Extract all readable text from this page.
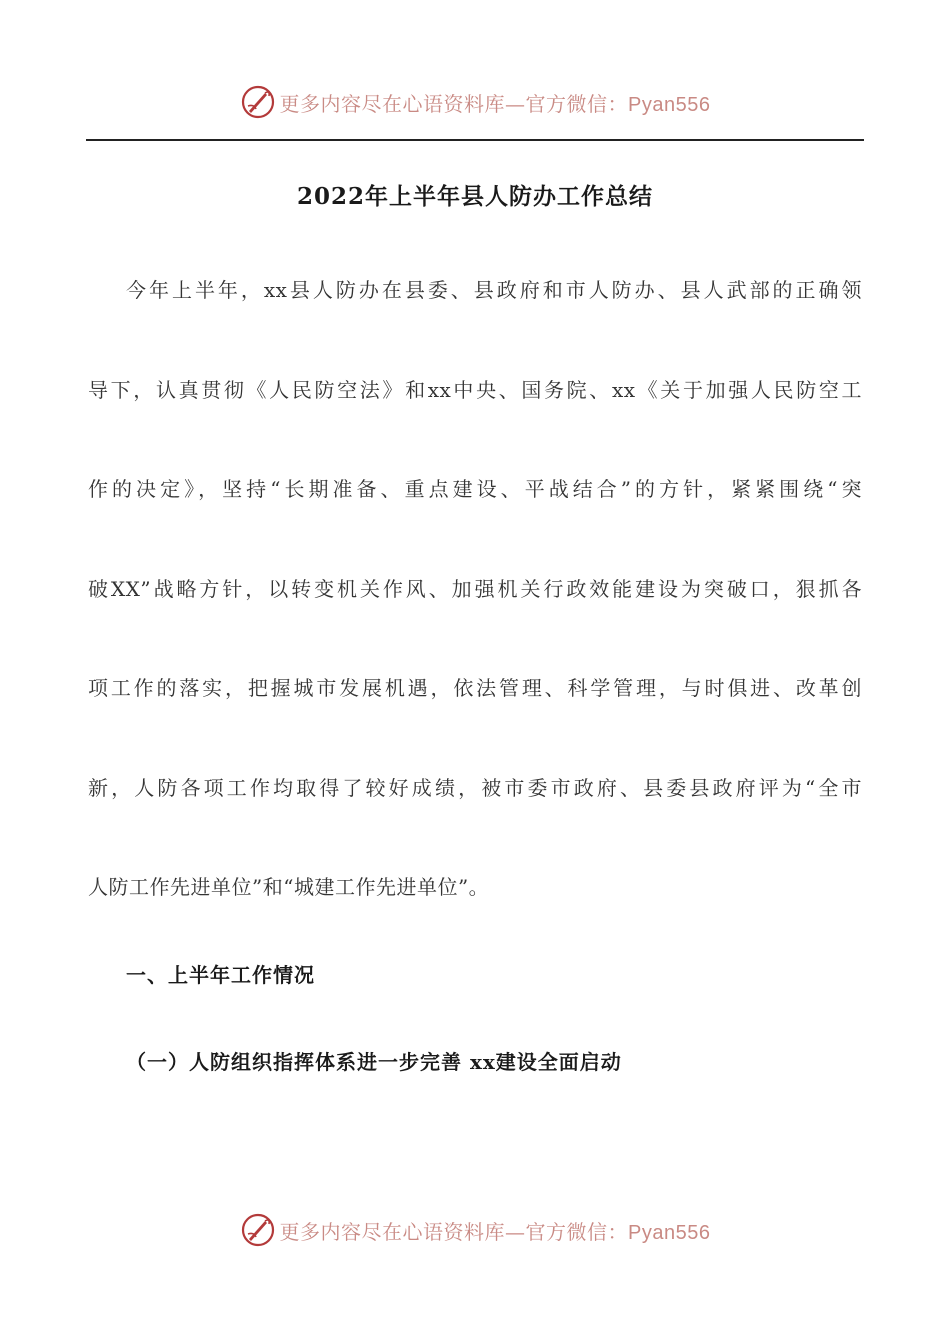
更多内容尽在心语资料库—官方微信：Pyan556
2022年上半年县人防办工作总结
今年上半年，xx县人防办在县委、县政府和市人防办、县人武部的正确领
导下，认真贯彻《人民防空法》和xx中央、国务院、xx《关于加强人民防空工
作的决定》，坚持“长期准备、重点建设、平战结合”的方针，紧紧围绕“突
破XX”战略方针，以转变机关作风、加强机关行政效能建设为突破口，狠抓各
项工作的落实，把握城市发展机遇，依法管理、科学管理，与时俱进、改革创
新，人防各项工作均取得了较好成绩，被市委市政府、县委县政府评为“全市
人防工作先进单位”和“城建工作先进单位”。
一、上半年工作情况
（一）人防组织指挥体系进一步完善 xx建设全面启动
更多内容尽在心语资料库—官方微信：Pyan556
